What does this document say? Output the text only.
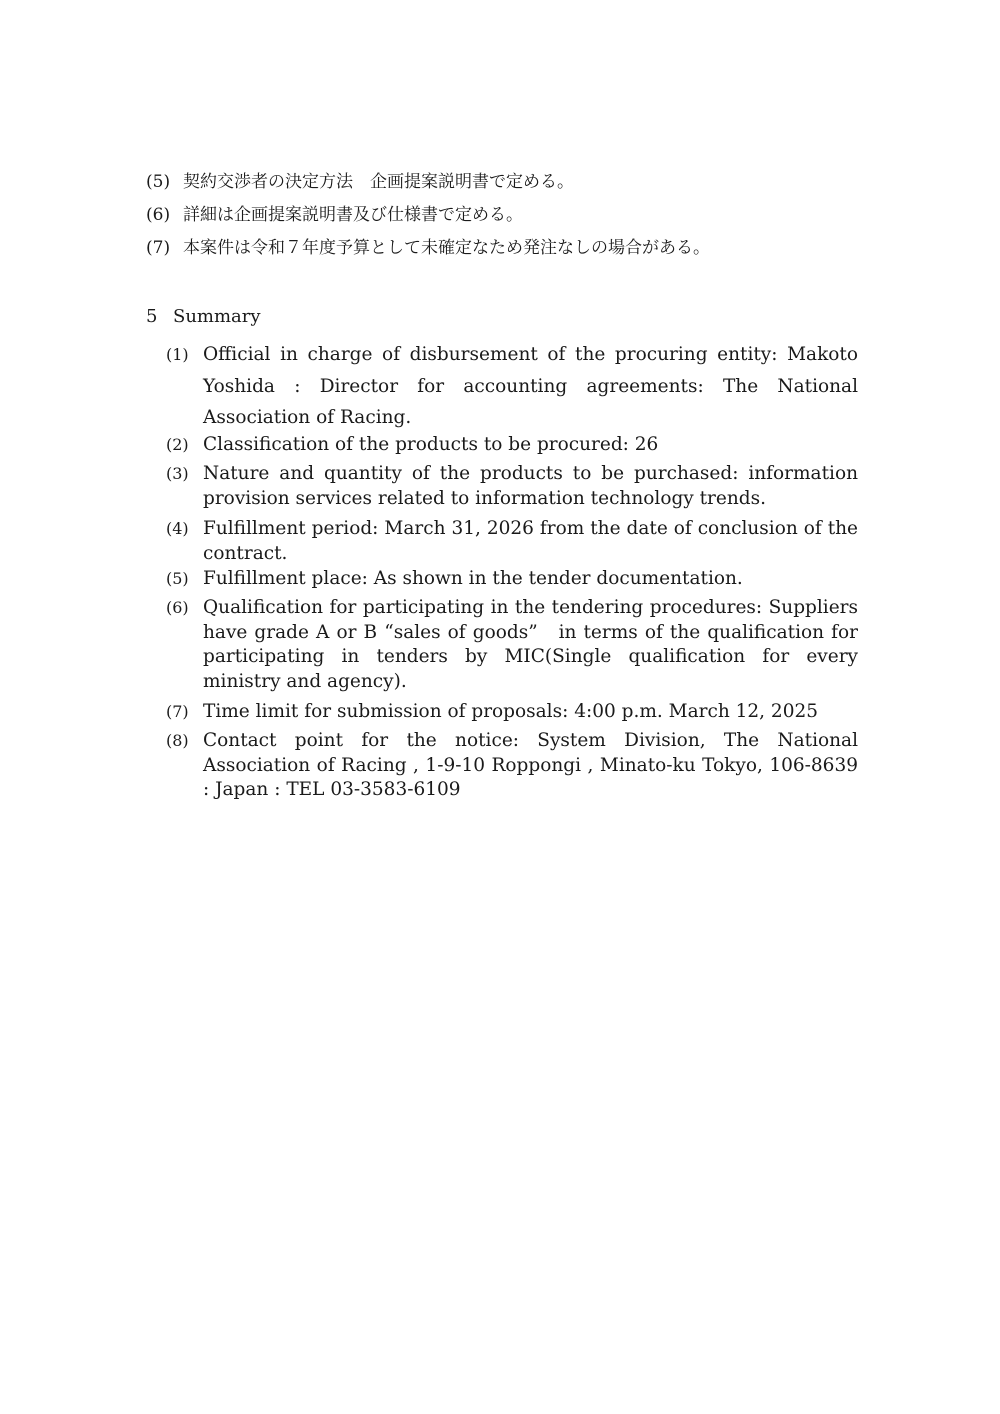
(5) 契約交渉者の決定方法　企画提案説明書で定める。
(6) 詳細は企画提案説明書及び仕様書で定める。
(7) 本案件は令和７年度予算として未確定なため発注なしの場合がある。
5 Summary
(1) Official in charge of disbursement of the procuring entity: Makoto Yoshida : Director for accounting agreements: The National Association of Racing.
(2) Classification of the products to be procured: 26
(3) Nature and quantity of the products to be purchased: information provision services related to information technology trends.
(4) Fulfillment period: March 31, 2026 from the date of conclusion of the contract.
(5) Fulfillment place: As shown in the tender documentation.
(6) Qualification for participating in the tendering procedures: Suppliers have grade A or B “sales of goods”　in terms of the qualification for participating in tenders by MIC(Single qualification for every ministry and agency).
(7) Time limit for submission of proposals: 4:00 p.m. March 12, 2025
(8) Contact point for the notice: System Division, The National Association of Racing , 1-9-10 Roppongi , Minato-ku Tokyo, 106-8639 : Japan : TEL 03-3583-6109
